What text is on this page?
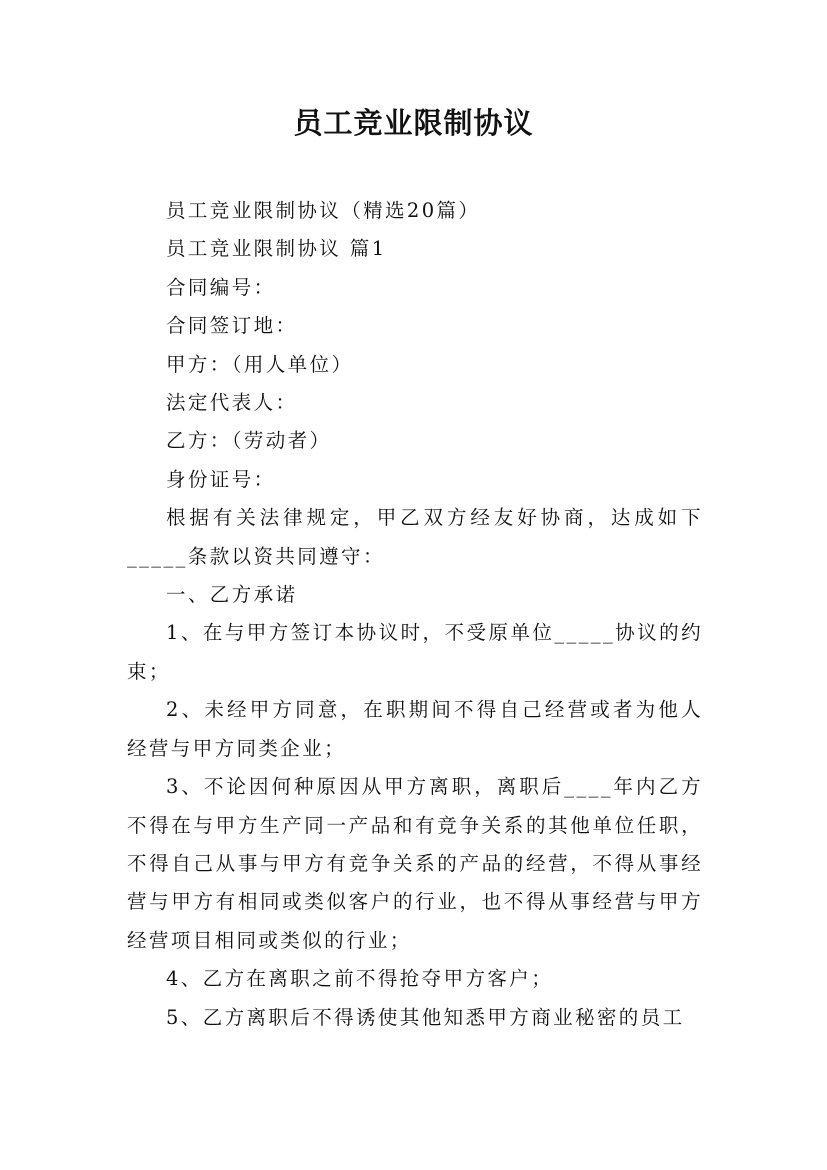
员工竞业限制协议

员工竞业限制协议（精选20篇）

员工竞业限制协议 篇1

合同编号：

合同签订地：

甲方：（用人单位）

法定代表人：

乙方：（劳动者）

身份证号：

根据有关法律规定，甲乙双方经友好协商，达成如下_____条款以资共同遵守：

一、乙方承诺

1、在与甲方签订本协议时，不受原单位_____协议的约束；

2、未经甲方同意，在职期间不得自己经营或者为他人经营与甲方同类企业；

3、不论因何种原因从甲方离职，离职后____年内乙方不得在与甲方生产同一产品和有竞争关系的其他单位任职，不得自己从事与甲方有竞争关系的产品的经营，不得从事经营与甲方有相同或类似客户的行业，也不得从事经营与甲方经营项目相同或类似的行业；

4、乙方在离职之前不得抢夺甲方客户；

5、乙方离职后不得诱使其他知悉甲方商业秘密的员工
